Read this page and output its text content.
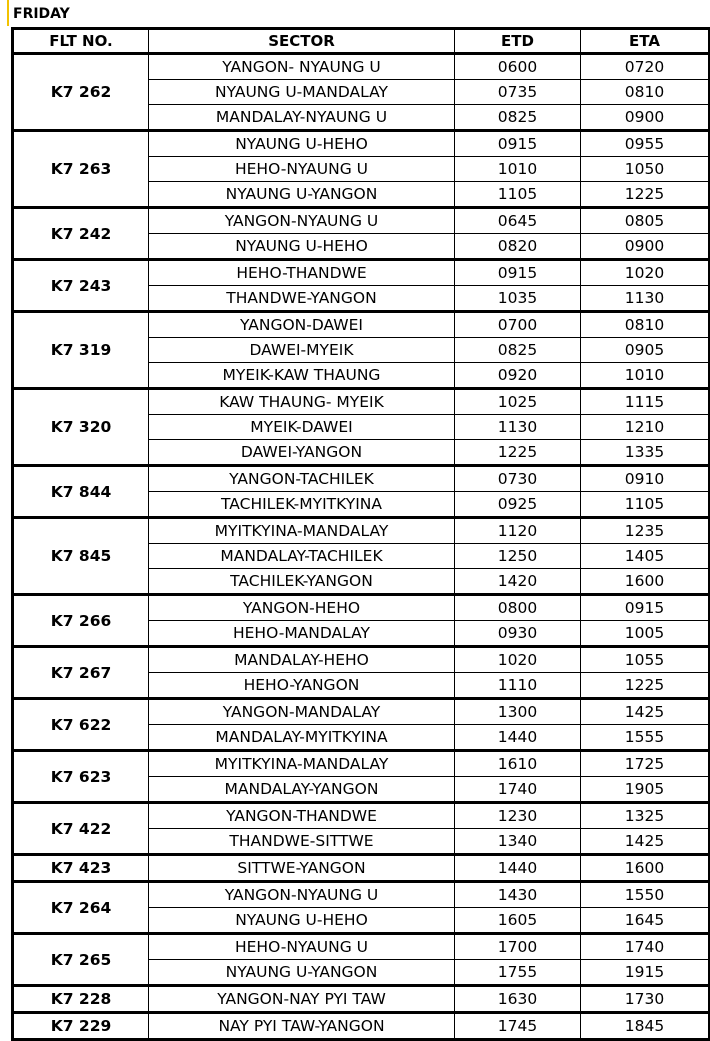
FRIDAY
FLT NO.	SECTOR	ETD	ETA
K7 262	YANGON- NYAUNG U	0600	0720
	NYAUNG U-MANDALAY	0735	0810
	MANDALAY-NYAUNG U	0825	0900
K7 263	NYAUNG U-HEHO	0915	0955
	HEHO-NYAUNG U	1010	1050
	NYAUNG U-YANGON	1105	1225
K7 242	YANGON-NYAUNG U	0645	0805
	NYAUNG U-HEHO	0820	0900
K7 243	HEHO-THANDWE	0915	1020
	THANDWE-YANGON	1035	1130
K7 319	YANGON-DAWEI	0700	0810
	DAWEI-MYEIK	0825	0905
	MYEIK-KAW THAUNG	0920	1010
K7 320	KAW THAUNG- MYEIK	1025	1115
	MYEIK-DAWEI	1130	1210
	DAWEI-YANGON	1225	1335
K7 844	YANGON-TACHILEK	0730	0910
	TACHILEK-MYITKYINA	0925	1105
K7 845	MYITKYINA-MANDALAY	1120	1235
	MANDALAY-TACHILEK	1250	1405
	TACHILEK-YANGON	1420	1600
K7 266	YANGON-HEHO	0800	0915
	HEHO-MANDALAY	0930	1005
K7 267	MANDALAY-HEHO	1020	1055
	HEHO-YANGON	1110	1225
K7 622	YANGON-MANDALAY	1300	1425
	MANDALAY-MYITKYINA	1440	1555
K7 623	MYITKYINA-MANDALAY	1610	1725
	MANDALAY-YANGON	1740	1905
K7 422	YANGON-THANDWE	1230	1325
	THANDWE-SITTWE	1340	1425
K7 423	SITTWE-YANGON	1440	1600
K7 264	YANGON-NYAUNG U	1430	1550
	NYAUNG U-HEHO	1605	1645
K7 265	HEHO-NYAUNG U	1700	1740
	NYAUNG U-YANGON	1755	1915
K7 228	YANGON-NAY PYI TAW	1630	1730
K7 229	NAY PYI TAW-YANGON	1745	1845
